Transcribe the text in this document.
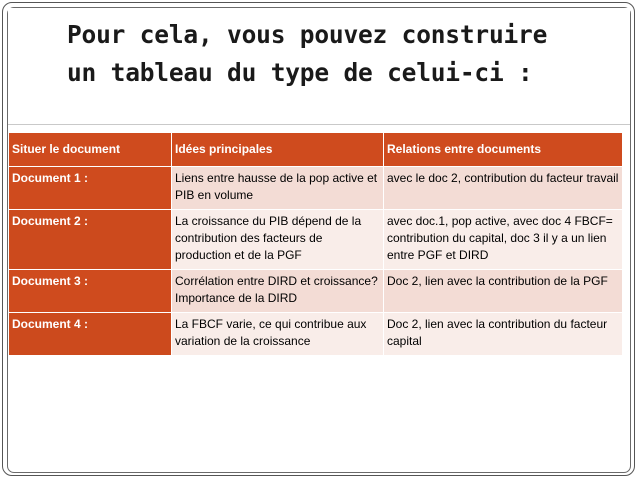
Pour cela, vous pouvez construire
un tableau du type de celui-ci :
Situer le document	Idées principales	Relations entre documents
Document 1 :	Liens entre hausse de la pop active et PIB en volume	avec le doc 2, contribution du facteur travail
Document 2 :	La croissance du PIB dépend de la contribution des facteurs de production et de la PGF	avec doc.1, pop active, avec doc 4 FBCF= contribution du capital, doc 3 il y a un lien entre PGF et DIRD
Document 3 :	Corrélation entre DIRD et croissance? Importance de la DIRD	Doc 2, lien avec la contribution de la PGF
Document 4 :	La FBCF varie, ce qui contribue aux variation de la croissance	Doc 2, lien avec la contribution du facteur capital
